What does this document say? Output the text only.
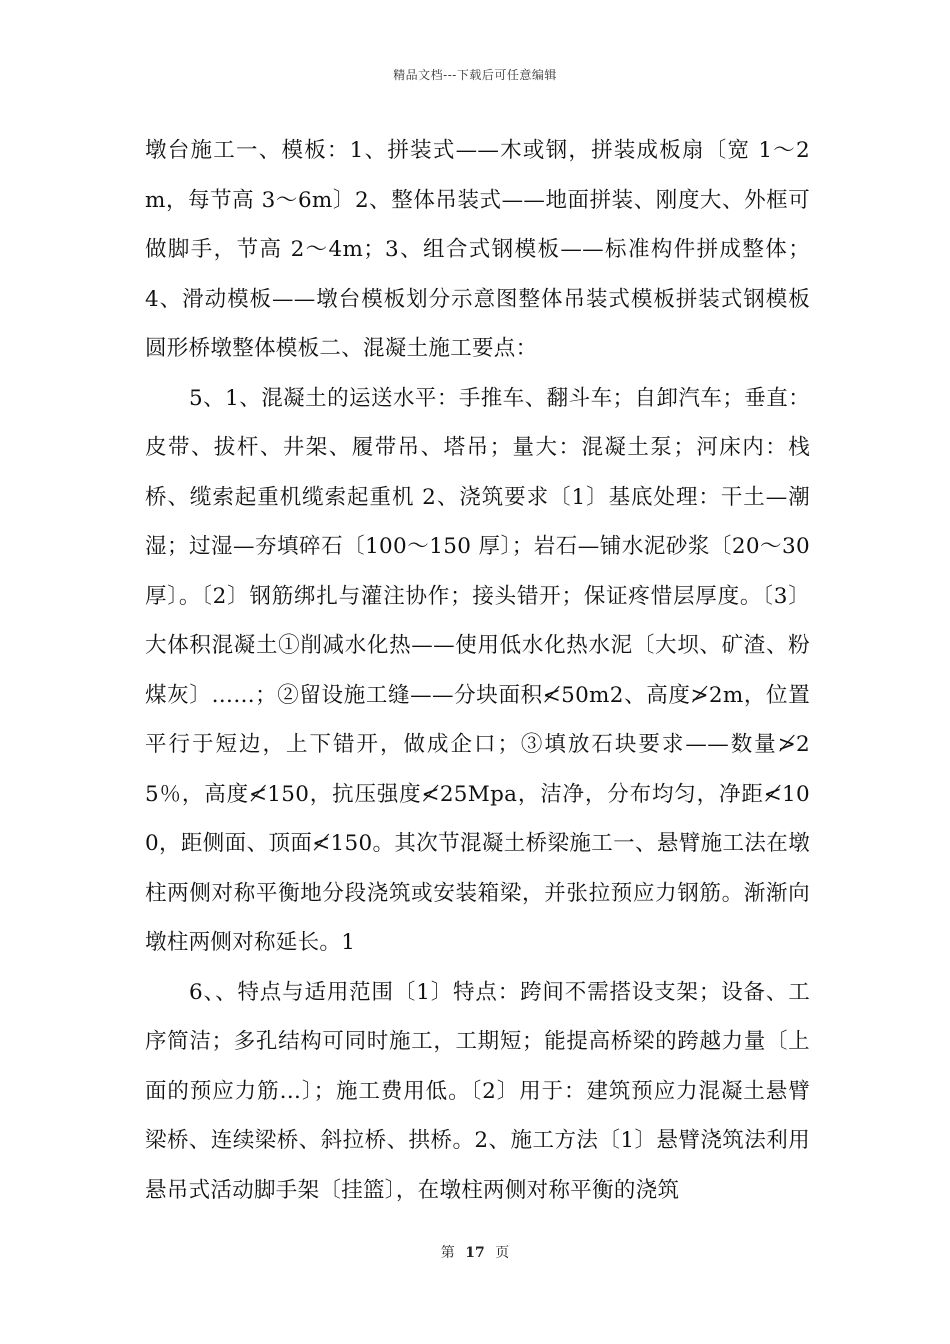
精品文档---下载后可任意编辑

墩台施工一、模板：1、拼装式——木或钢，拼装成板扇〔宽 1～2m，每节高 3～6m〕2、整体吊装式——地面拼装、刚度大、外框可做脚手，节高 2～4m；3、组合式钢模板——标准构件拼成整体；4、滑动模板——墩台模板划分示意图整体吊装式模板拼装式钢模板圆形桥墩整体模板二、混凝土施工要点：

5、1、混凝土的运送水平：手推车、翻斗车；自卸汽车；垂直：皮带、拔杆、井架、履带吊、塔吊；量大：混凝土泵；河床内：栈桥、缆索起重机缆索起重机 2、浇筑要求〔1〕基底处理：干土—潮湿；过湿—夯填碎石〔100～150 厚〕；岩石—铺水泥砂浆〔20～30厚〕。〔2〕钢筋绑扎与灌注协作；接头错开；保证疼惜层厚度。〔3〕大体积混凝土①削减水化热——使用低水化热水泥〔大坝、矿渣、粉煤灰〕……；②留设施工缝——分块面积≮50m2、高度≯2m，位置平行于短边，上下错开，做成企口；③填放石块要求——数量≯25％，高度≮150，抗压强度≮25Mpa，洁净，分布均匀，净距≮100，距侧面、顶面≮150。其次节混凝土桥梁施工一、悬臂施工法在墩柱两侧对称平衡地分段浇筑或安装箱梁，并张拉预应力钢筋。渐渐向墩柱两侧对称延长。1

6、、特点与适用范围〔1〕特点：跨间不需搭设支架；设备、工序简洁；多孔结构可同时施工，工期短；能提高桥梁的跨越力量〔上面的预应力筋…〕；施工费用低。〔2〕用于：建筑预应力混凝土悬臂梁桥、连续梁桥、斜拉桥、拱桥。2、施工方法〔1〕悬臂浇筑法利用悬吊式活动脚手架〔挂篮〕，在墩柱两侧对称平衡的浇筑

第 17 页
